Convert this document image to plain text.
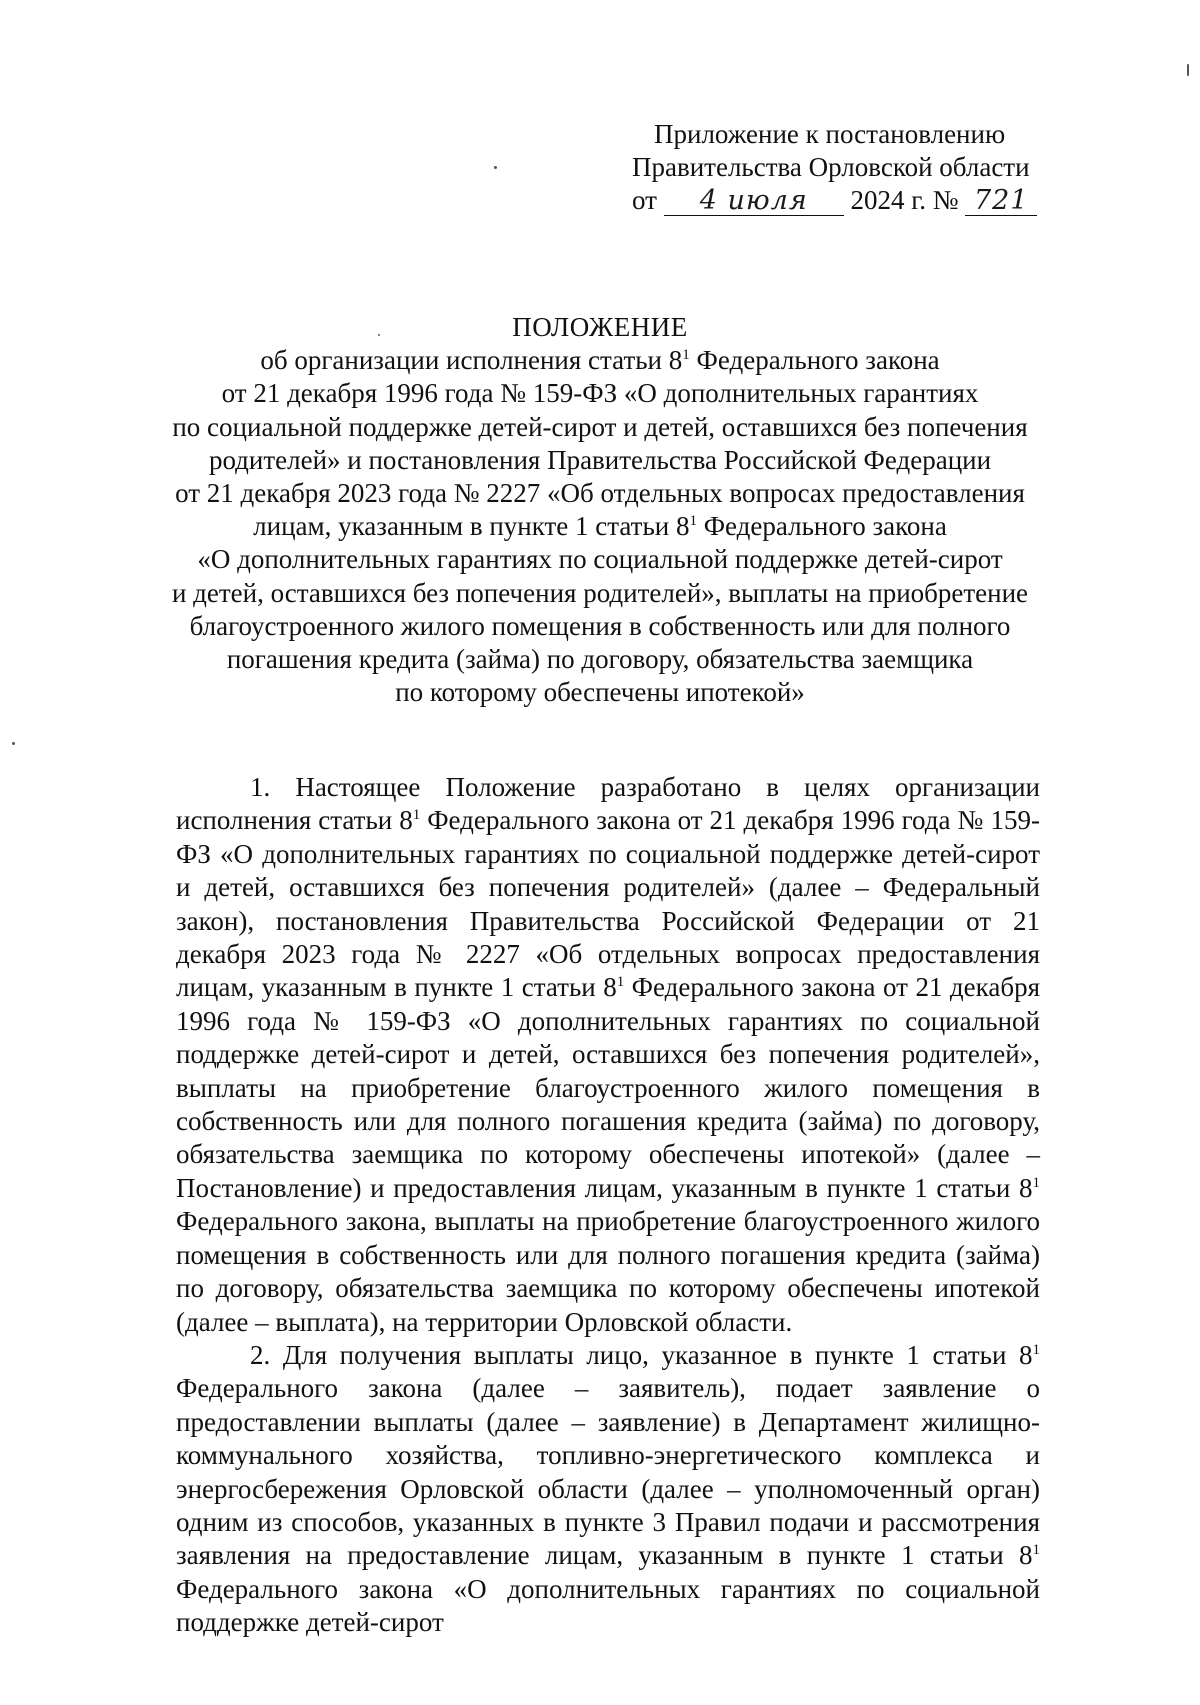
Приложение к постановлению
Правительства Орловской области
от 4 июля 2024 г. № 721
ПОЛОЖЕНИЕ
об организации исполнения статьи $8^1$ Федерального закона
от 21 декабря 1996 года № 159-ФЗ «О дополнительных гарантиях
по социальной поддержке детей-сирот и детей, оставшихся без попечения
родителей» и постановления Правительства Российской Федерации
от 21 декабря 2023 года № 2227 «Об отдельных вопросах предоставления
лицам, указанным в пункте 1 статьи $8^1$ Федерального закона
«О дополнительных гарантиях по социальной поддержке детей-сирот
и детей, оставшихся без попечения родителей», выплаты на приобретение
благоустроенного жилого помещения в собственность или для полного
погашения кредита (займа) по договору, обязательства заемщика
по которому обеспечены ипотекой»

1. Настоящее Положение разработано в целях организации исполнения статьи $8^1$ Федерального закона от 21 декабря 1996 года № 159-ФЗ «О дополнительных гарантиях по социальной поддержке детей-сирот и детей, оставшихся без попечения родителей» (далее – Федеральный закон), постановления Правительства Российской Федерации от 21 декабря 2023 года № 2227 «Об отдельных вопросах предоставления лицам, указанным в пункте 1 статьи $8^1$ Федерального закона от 21 декабря 1996 года № 159-ФЗ «О дополнительных гарантиях по социальной поддержке детей-сирот и детей, оставшихся без попечения родителей», выплаты на приобретение благоустроенного жилого помещения в собственность или для полного погашения кредита (займа) по договору, обязательства заемщика по которому обеспечены ипотекой» (далее – Постановление) и предоставления лицам, указанным в пункте 1 статьи $8^1$ Федерального закона, выплаты на приобретение благоустроенного жилого помещения в собственность или для полного погашения кредита (займа) по договору, обязательства заемщика по которому обеспечены ипотекой (далее – выплата), на территории Орловской области.

2. Для получения выплаты лицо, указанное в пункте 1 статьи $8^1$ Федерального закона (далее – заявитель), подает заявление о предоставлении выплаты (далее – заявление) в Департамент жилищно-коммунального хозяйства, топливно-энергетического комплекса и энергосбережения Орловской области (далее – уполномоченный орган) одним из способов, указанных в пункте 3 Правил подачи и рассмотрения заявления на предоставление лицам, указанным в пункте 1 статьи $8^1$ Федерального закона «О дополнительных гарантиях по социальной поддержке детей-сирот
